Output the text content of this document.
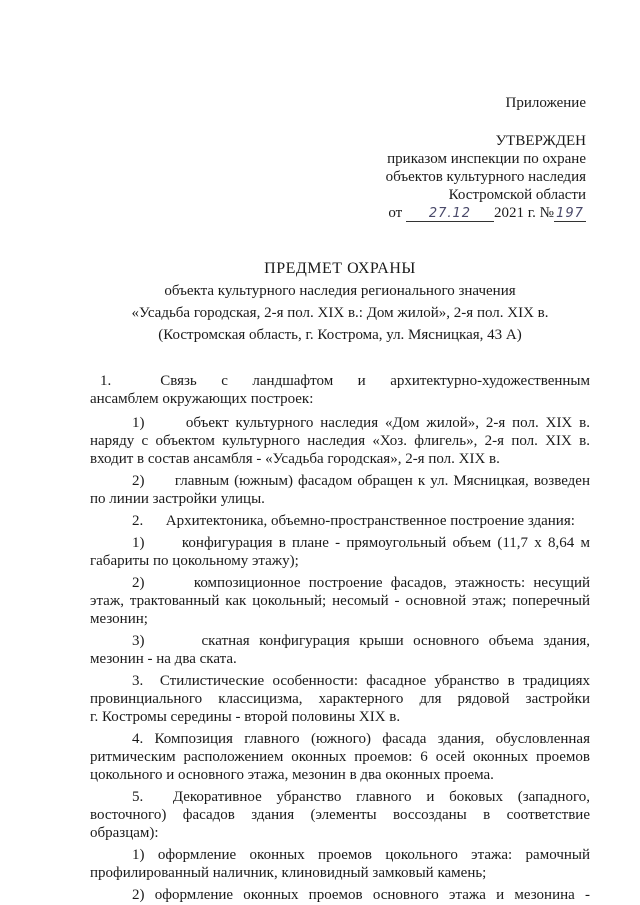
Приложение
УТВЕРЖДЕН
приказом инспекции по охране
объектов культурного наследия
Костромской области
от 27.12 2021 г. № 197
ПРЕДМЕТ ОХРАНЫ
объекта культурного наследия регионального значения
«Усадьба городская, 2-я пол. XIX в.: Дом жилой», 2-я пол. XIX в.
(Костромская область, г. Кострома, ул. Мясницкая, 43 А)
1.      Связь   с   ландшафтом   и   архитектурно-художественным
ансамблем окружающих построек:
1)      объект культурного наследия «Дом жилой», 2-я пол. XIX в.
наряду с объектом культурного наследия «Хоз. флигель», 2-я пол. XIX в.
входит в состав ансамбля - «Усадьба городская», 2-я пол. XIX в.
2)      главным (южным) фасадом обращен к ул. Мясницкая, возведен
по линии застройки улицы.
2.      Архитектоника, объемно-пространственное построение здания:
1)      конфигурация в плане - прямоугольный объем (11,7 х 8,64 м
габариты по цокольному этажу);
2)      композиционное построение фасадов, этажность: несущий
этаж, трактованный как цокольный; несомый - основной этаж; поперечный
мезонин;
3)      скатная конфигурация крыши основного объема здания,
мезонин - на два ската.
3.  Стилистические особенности: фасадное убранство в традициях
провинциального классицизма, характерного для рядовой застройки
г. Костромы середины - второй половины XIX в.
4. Композиция главного (южного) фасада здания, обусловленная
ритмическим расположением оконных проемов: 6 осей оконных проемов
цокольного и основного этажа, мезонин в два оконных проема.
5.  Декоративное убранство главного и боковых (западного,
восточного) фасадов здания (элементы воссозданы в соответствие
образцам):
1) оформление оконных проемов цокольного этажа: рамочный
профилированный наличник, клиновидный замковый камень;
2) оформление оконных проемов основного этажа и мезонина -
